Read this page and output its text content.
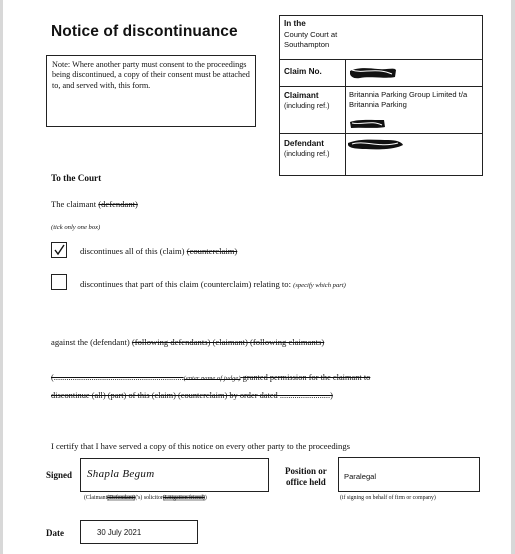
Notice of discontinuance
Note: Where another party must consent to the proceedings being discontinued, a copy of their consent must be attached to, and served with, this form.
In the
County Court at Southampton
Claim No.
Claimant
(including ref.)
Britannia Parking Group Limited t/a Britannia Parking
Defendant
(including ref.)
To the Court
The claimant (defendant)
(tick only one box)
discontinues all of this (claim) (counterclaim)
discontinues that part of this claim (counterclaim) relating to: (specify which part)
against the (defendant) (following defendants) (claimant) (following claimants)
(..............................................................(enter name of judge) granted permission for the claimant to
discontinue (all) (part) of this (claim) (counterclaim) by order dated ........................)
I certify that I have served a copy of this notice on every other party to the proceedings
Signed Shapla Begum
(Claimant(Defendant)('s) solicitor(Litigation friend))
Position or
office held
Paralegal
(if signing on behalf of firm or company)
Date	30 July 2021
